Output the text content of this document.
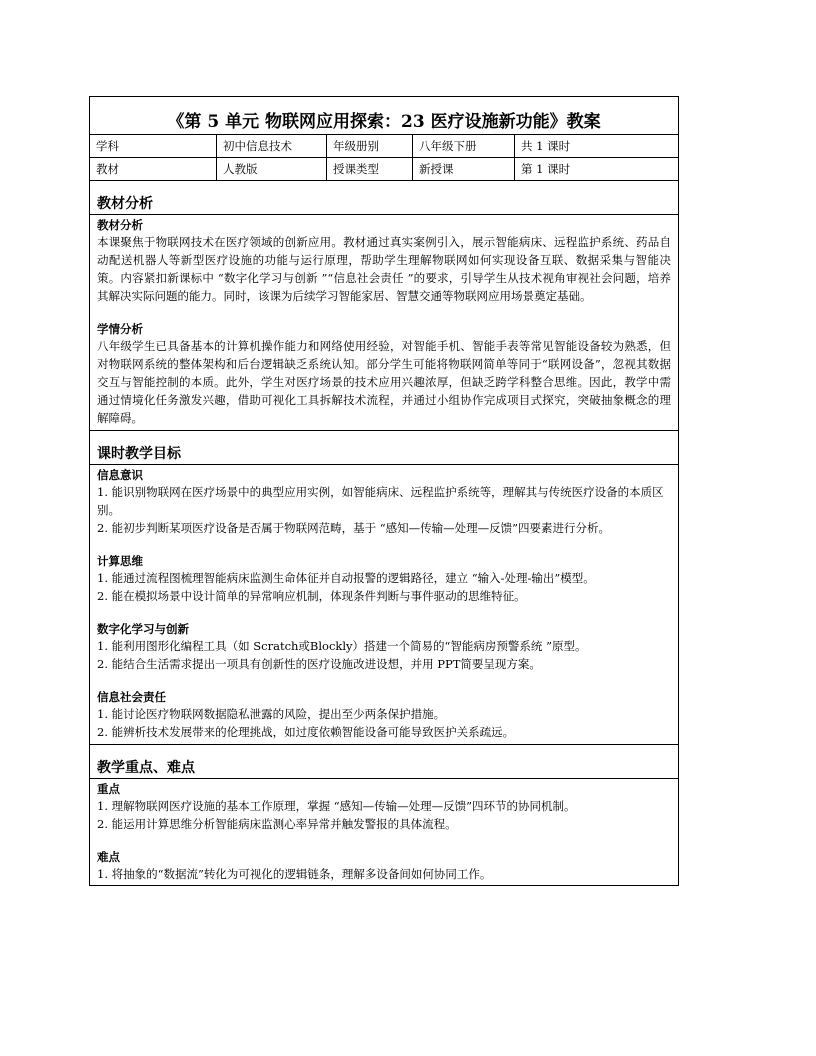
《第 5 单元 物联网应用探索：23 医疗设施新功能》教案
学科	初中信息技术	年级册别	八年级下册	共 1 课时
教材	人教版	授课类型	新授课	第 1 课时
教材分析
教材分析
本课聚焦于物联网技术在医疗领域的创新应用。教材通过真实案例引入，展示智能病床、远程监护系统、药品自动配送机器人等新型医疗设施的功能与运行原理，帮助学生理解物联网如何实现设备互联、数据采集与智能决策。内容紧扣新课标中 “数字化学习与创新 ”“信息社会责任 ”的要求，引导学生从技术视角审视社会问题，培养其解决实际问题的能力。同时，该课为后续学习智能家居、智慧交通等物联网应用场景奠定基础。
学情分析
八年级学生已具备基本的计算机操作能力和网络使用经验，对智能手机、智能手表等常见智能设备较为熟悉，但对物联网系统的整体架构和后台逻辑缺乏系统认知。部分学生可能将物联网简单等同于“联网设备”，忽视其数据交互与智能控制的本质。此外，学生对医疗场景的技术应用兴趣浓厚，但缺乏跨学科整合思维。因此，教学中需通过情境化任务激发兴趣，借助可视化工具拆解技术流程，并通过小组协作完成项目式探究，突破抽象概念的理解障碍。
课时教学目标
信息意识
1. 能识别物联网在医疗场景中的典型应用实例，如智能病床、远程监护系统等，理解其与传统医疗设备的本质区别。
2. 能初步判断某项医疗设备是否属于物联网范畴，基于 “感知—传输—处理—反馈”四要素进行分析。
计算思维
1. 能通过流程图梳理智能病床监测生命体征并自动报警的逻辑路径，建立 “输入-处理-输出”模型。
2. 能在模拟场景中设计简单的异常响应机制，体现条件判断与事件驱动的思维特征。
数字化学习与创新
1. 能利用图形化编程工具（如 Scratch或Blockly）搭建一个简易的“智能病房预警系统 ”原型。
2. 能结合生活需求提出一项具有创新性的医疗设施改进设想，并用 PPT简要呈现方案。
信息社会责任
1. 能讨论医疗物联网数据隐私泄露的风险，提出至少两条保护措施。
2. 能辨析技术发展带来的伦理挑战，如过度依赖智能设备可能导致医护关系疏远。
教学重点、难点
重点
1. 理解物联网医疗设施的基本工作原理，掌握 “感知—传输—处理—反馈”四环节的协同机制。
2. 能运用计算思维分析智能病床监测心率异常并触发警报的具体流程。
难点
1. 将抽象的“数据流”转化为可视化的逻辑链条，理解多设备间如何协同工作。
